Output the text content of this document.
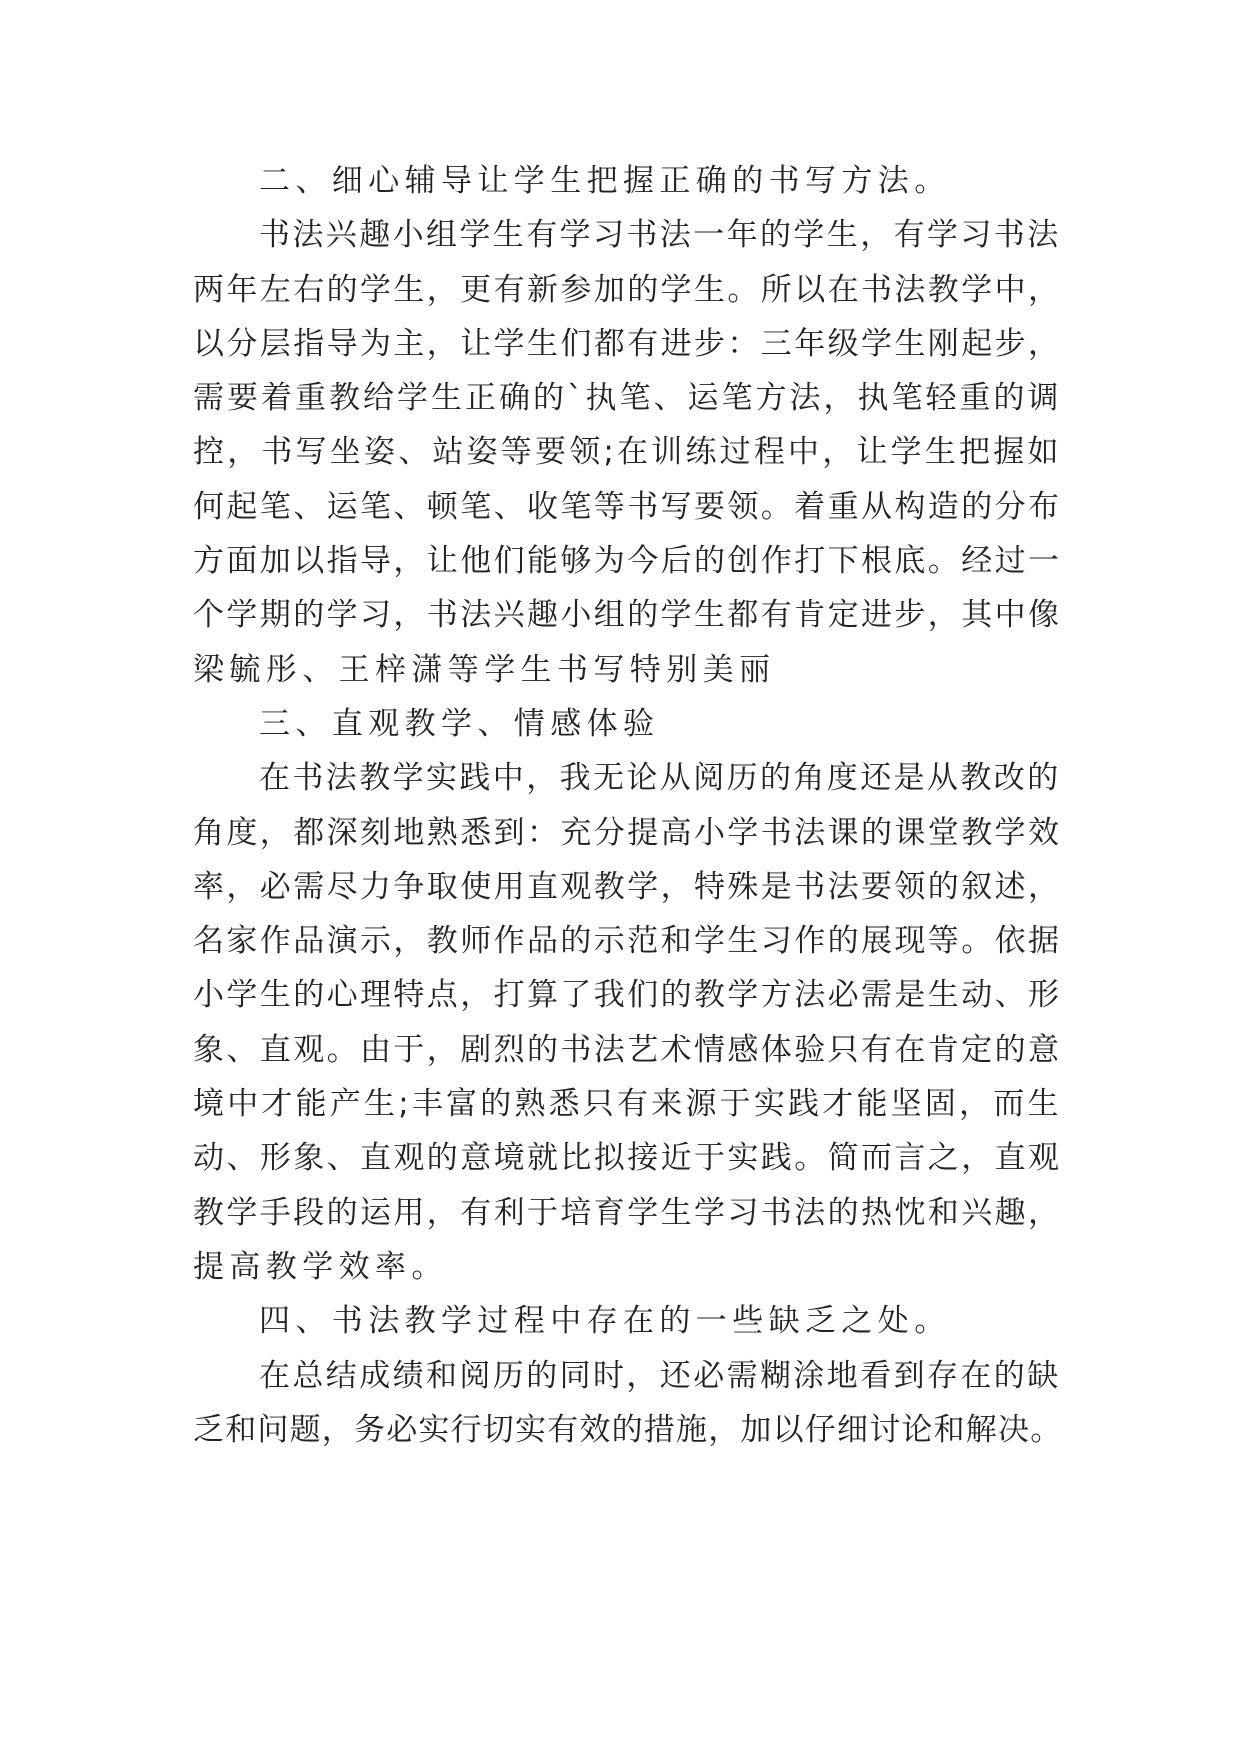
二、细心辅导让学生把握正确的书写方法。
书法兴趣小组学生有学习书法一年的学生，有学习书法
两年左右的学生，更有新参加的学生。所以在书法教学中，
以分层指导为主，让学生们都有进步：三年级学生刚起步，
需要着重教给学生正确的`执笔、运笔方法，执笔轻重的调
控，书写坐姿、站姿等要领;在训练过程中，让学生把握如
何起笔、运笔、顿笔、收笔等书写要领。着重从构造的分布
方面加以指导，让他们能够为今后的创作打下根底。经过一
个学期的学习，书法兴趣小组的学生都有肯定进步，其中像
梁毓彤、王梓潇等学生书写特别美丽
三、直观教学、情感体验
在书法教学实践中，我无论从阅历的角度还是从教改的
角度，都深刻地熟悉到：充分提高小学书法课的课堂教学效
率，必需尽力争取使用直观教学，特殊是书法要领的叙述，
名家作品演示，教师作品的示范和学生习作的展现等。依据
小学生的心理特点，打算了我们的教学方法必需是生动、形
象、直观。由于，剧烈的书法艺术情感体验只有在肯定的意
境中才能产生;丰富的熟悉只有来源于实践才能坚固，而生
动、形象、直观的意境就比拟接近于实践。简而言之，直观
教学手段的运用，有利于培育学生学习书法的热忱和兴趣，
提高教学效率。
四、书法教学过程中存在的一些缺乏之处。
在总结成绩和阅历的同时，还必需糊涂地看到存在的缺
乏和问题，务必实行切实有效的措施，加以仔细讨论和解决。
